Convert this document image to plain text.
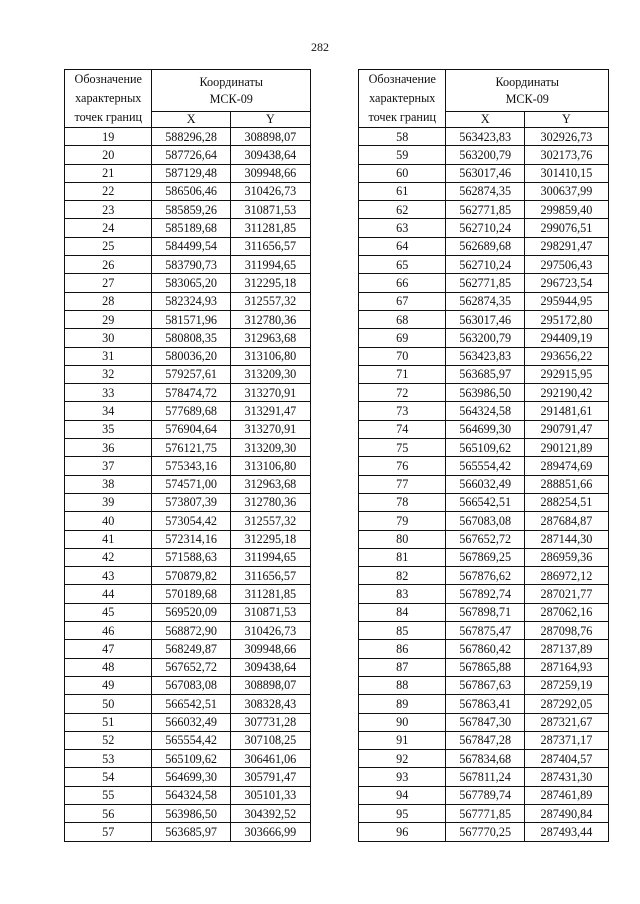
282
Обозначение
характерных
точек границ	Координаты
МСК-09	

	X	Y
19	588296,28	308898,07
20	587726,64	309438,64
21	587129,48	309948,66
22	586506,46	310426,73
23	585859,26	310871,53
24	585189,68	311281,85
25	584499,54	311656,57
26	583790,73	311994,65
27	583065,20	312295,18
28	582324,93	312557,32
29	581571,96	312780,36
30	580808,35	312963,68
31	580036,20	313106,80
32	579257,61	313209,30
33	578474,72	313270,91
34	577689,68	313291,47
35	576904,64	313270,91
36	576121,75	313209,30
37	575343,16	313106,80
38	574571,00	312963,68
39	573807,39	312780,36
40	573054,42	312557,32
41	572314,16	312295,18
42	571588,63	311994,65
43	570879,82	311656,57
44	570189,68	311281,85
45	569520,09	310871,53
46	568872,90	310426,73
47	568249,87	309948,66
48	567652,72	309438,64
49	567083,08	308898,07
50	566542,51	308328,43
51	566032,49	307731,28
52	565554,42	307108,25
53	565109,62	306461,06
54	564699,30	305791,47
55	564324,58	305101,33
56	563986,50	304392,52
57	563685,97	303666,99
Обозначение
характерных
точек границ	Координаты
МСК-09	

	X	Y
58	563423,83	302926,73
59	563200,79	302173,76
60	563017,46	301410,15
61	562874,35	300637,99
62	562771,85	299859,40
63	562710,24	299076,51
64	562689,68	298291,47
65	562710,24	297506,43
66	562771,85	296723,54
67	562874,35	295944,95
68	563017,46	295172,80
69	563200,79	294409,19
70	563423,83	293656,22
71	563685,97	292915,95
72	563986,50	292190,42
73	564324,58	291481,61
74	564699,30	290791,47
75	565109,62	290121,89
76	565554,42	289474,69
77	566032,49	288851,66
78	566542,51	288254,51
79	567083,08	287684,87
80	567652,72	287144,30
81	567869,25	286959,36
82	567876,62	286972,12
83	567892,74	287021,77
84	567898,71	287062,16
85	567875,47	287098,76
86	567860,42	287137,89
87	567865,88	287164,93
88	567867,63	287259,19
89	567863,41	287292,05
90	567847,30	287321,67
91	567847,28	287371,17
92	567834,68	287404,57
93	567811,24	287431,30
94	567789,74	287461,89
95	567771,85	287490,84
96	567770,25	287493,44
